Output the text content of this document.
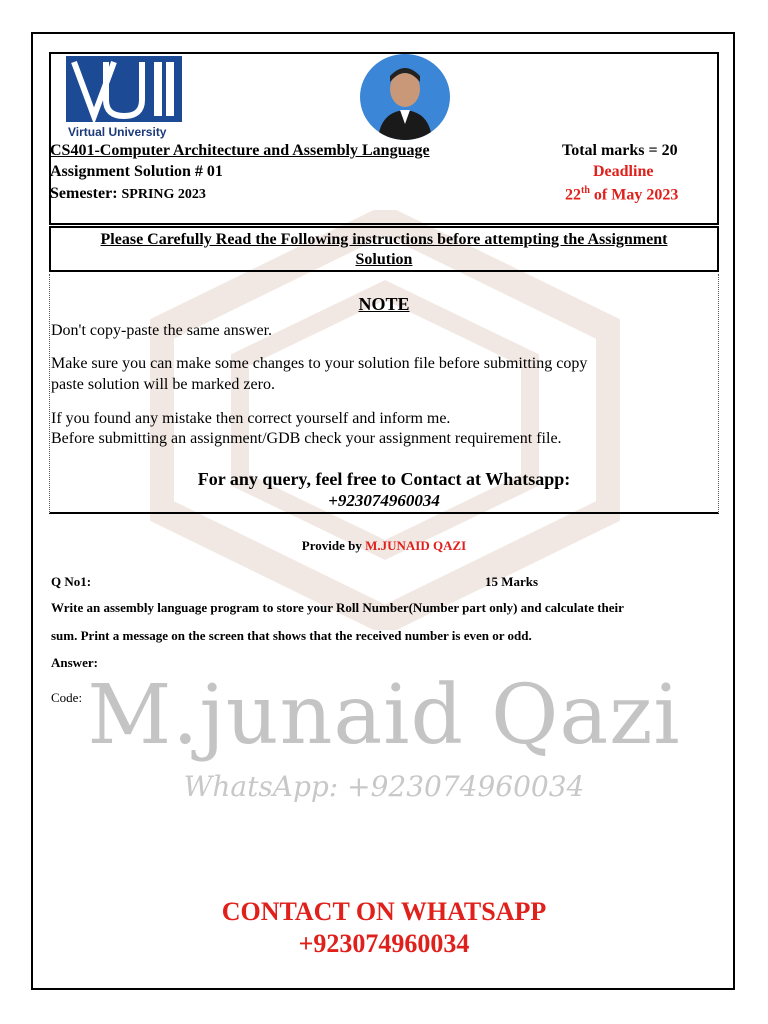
M.junaid Qazi
WhatsApp: +923074960034
Virtual University
CS401-Computer Architecture and Assembly Language	Total marks = 20
Assignment Solution # 01	Deadline
Semester: SPRING 2023	22th of May 2023
Please Carefully Read the Following instructions before attempting the Assignment
Solution
NOTE
Don't copy-paste the same answer.
Make sure you can make some changes to your solution file before submitting copy
paste solution will be marked zero.
If you found any mistake then correct yourself and inform me.
Before submitting an assignment/GDB check your assignment requirement file.
For any query, feel free to Contact at Whatsapp:
+923074960034
Provide by M.JUNAID QAZI
Q No1:	15 Marks
Write an assembly language program to store your Roll Number(Number part only) and calculate their
sum. Print a message on the screen that shows that the received number is even or odd.
Answer:
Code:
CONTACT ON WHATSAPP
+923074960034
